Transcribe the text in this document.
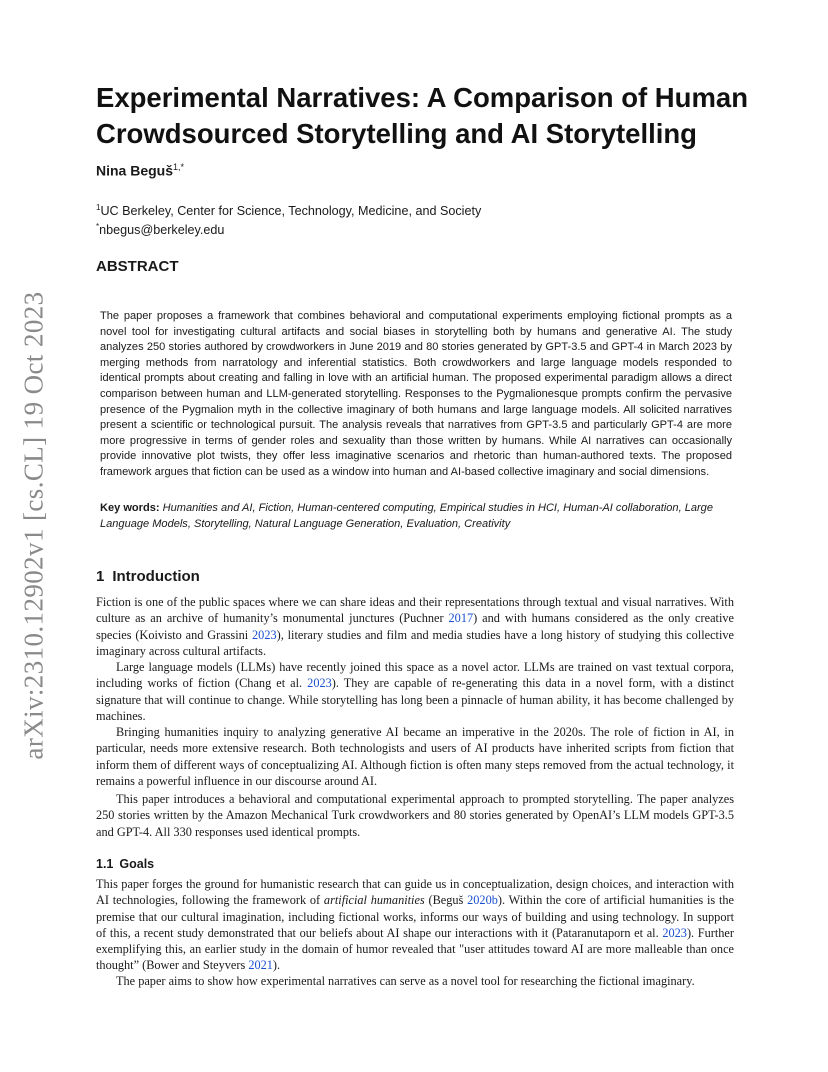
arXiv:2310.12902v1 [cs.CL] 19 Oct 2023
Experimental Narratives: A Comparison of Human Crowdsourced Storytelling and AI Storytelling
Nina Beguš$^{1,*}$
$^1$UC Berkeley, Center for Science, Technology, Medicine, and Society
*nbegus@berkeley.edu
ABSTRACT

The paper proposes a framework that combines behavioral and computational experiments employing fictional prompts as a novel tool for investigating cultural artifacts and social biases in storytelling both by humans and generative AI. The study analyzes 250 stories authored by crowdworkers in June 2019 and 80 stories generated by GPT-3.5 and GPT-4 in March 2023 by merging methods from narratology and inferential statistics. Both crowdworkers and large language models responded to identical prompts about creating and falling in love with an artificial human. The proposed experimental paradigm allows a direct comparison between human and LLM-generated storytelling. Responses to the Pygmalionesque prompts confirm the pervasive presence of the Pygmalion myth in the collective imaginary of both humans and large language models. All solicited narratives present a scientific or technological pursuit. The analysis reveals that narratives from GPT-3.5 and particularly GPT-4 are more more progressive in terms of gender roles and sexuality than those written by humans. While AI narratives can occasionally provide innovative plot twists, they offer less imaginative scenarios and rhetoric than human-authored texts. The proposed framework argues that fiction can be used as a window into human and AI-based collective imaginary and social dimensions.

Key words: Humanities and AI, Fiction, Human-centered computing, Empirical studies in HCI, Human-AI collaboration, Large Language Models, Storytelling, Natural Language Generation, Evaluation, Creativity

1 Introduction

Fiction is one of the public spaces where we can share ideas and their representations through textual and visual narratives. With culture as an archive of humanity’s monumental junctures (Puchner 2017) and with humans considered as the only creative species (Koivisto and Grassini 2023), literary studies and film and media studies have a long history of studying this collective imaginary across cultural artifacts.

Large language models (LLMs) have recently joined this space as a novel actor. LLMs are trained on vast textual corpora, including works of fiction (Chang et al. 2023). They are capable of re-generating this data in a novel form, with a distinct signature that will continue to change. While storytelling has long been a pinnacle of human ability, it has become challenged by machines.

Bringing humanities inquiry to analyzing generative AI became an imperative in the 2020s. The role of fiction in AI, in particular, needs more extensive research. Both technologists and users of AI products have inherited scripts from fiction that inform them of different ways of conceptualizing AI. Although fiction is often many steps removed from the actual technology, it remains a powerful influence in our discourse around AI.

This paper introduces a behavioral and computational experimental approach to prompted storytelling. The paper analyzes 250 stories written by the Amazon Mechanical Turk crowdworkers and 80 stories generated by OpenAI’s LLM models GPT-3.5 and GPT-4. All 330 responses used identical prompts.

1.1 Goals

This paper forges the ground for humanistic research that can guide us in conceptualization, design choices, and interaction with AI technologies, following the framework of artificial humanities (Beguš 2020b). Within the core of artificial humanities is the premise that our cultural imagination, including fictional works, informs our ways of building and using technology. In support of this, a recent study demonstrated that our beliefs about AI shape our interactions with it (Pataranutaporn et al. 2023). Further exemplifying this, an earlier study in the domain of humor revealed that "user attitudes toward AI are more malleable than once thought” (Bower and Steyvers 2021).

The paper aims to show how experimental narratives can serve as a novel tool for researching the fictional imaginary.
